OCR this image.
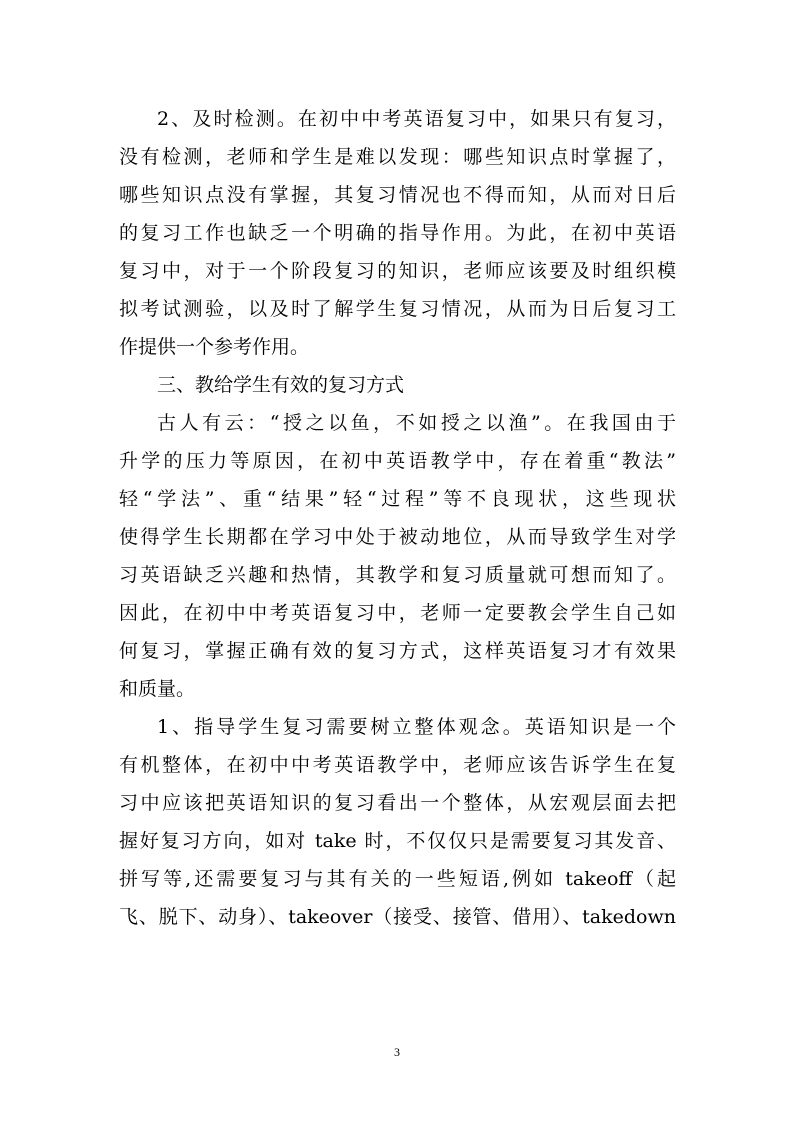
2、及时检测。在初中中考英语复习中，如果只有复习，
没有检测，老师和学生是难以发现：哪些知识点时掌握了，
哪些知识点没有掌握，其复习情况也不得而知，从而对日后
的复习工作也缺乏一个明确的指导作用。为此，在初中英语
复习中，对于一个阶段复习的知识，老师应该要及时组织模
拟考试测验，以及时了解学生复习情况，从而为日后复习工
作提供一个参考作用。
三、教给学生有效的复习方式
古人有云：“授之以鱼，不如授之以渔”。在我国由于
升学的压力等原因，在初中英语教学中，存在着重“教法”
轻“学法”、重“结果”轻“过程”等不良现状，这些现状
使得学生长期都在学习中处于被动地位，从而导致学生对学
习英语缺乏兴趣和热情，其教学和复习质量就可想而知了。
因此，在初中中考英语复习中，老师一定要教会学生自己如
何复习，掌握正确有效的复习方式，这样英语复习才有效果
和质量。
1、指导学生复习需要树立整体观念。英语知识是一个
有机整体，在初中中考英语教学中，老师应该告诉学生在复
习中应该把英语知识的复习看出一个整体，从宏观层面去把
握好复习方向，如对 take 时，不仅仅只是需要复习其发音、
拼写等,还需要复习与其有关的一些短语,例如 takeoff（起
飞、脱下、动身）、takeover（接受、接管、借用）、takedown
3
